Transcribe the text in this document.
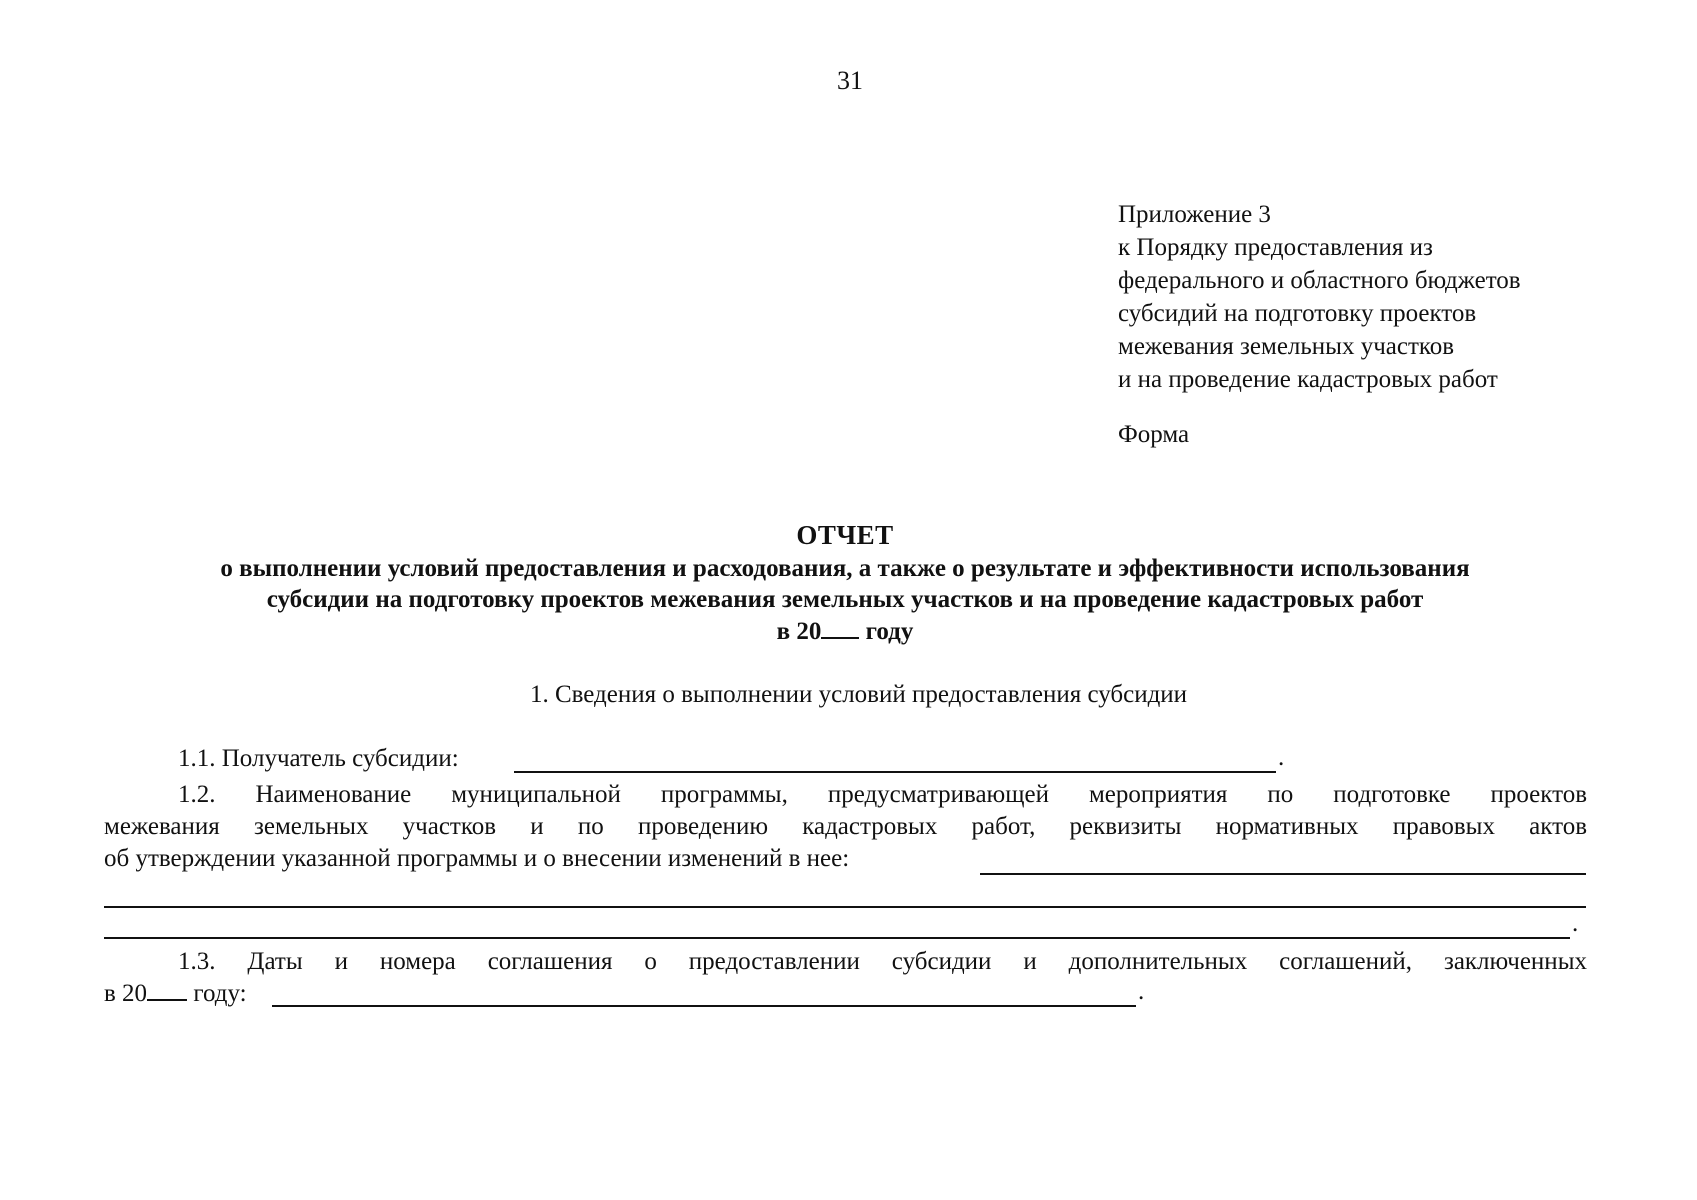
31
Приложение 3
к Порядку предоставления из
федерального и областного бюджетов
субсидий на подготовку проектов
межевания земельных участков
и на проведение кадастровых работ
Форма
ОТЧЕТ
о выполнении условий предоставления и расходования, а также о результате и эффективности использования
субсидии на подготовку проектов межевания земельных участков и на проведение кадастровых работ
в 20 году
1. Сведения о выполнении условий предоставления субсидии
1.1. Получатель субсидии:	.
1.2. Наименование муниципальной программы, предусматривающей мероприятия по подготовке проектов
межевания земельных участков и по проведению кадастровых работ, реквизиты нормативных правовых актов
об утверждении указанной программы и о внесении изменений в нее:
.
1.3. Даты и номера соглашения о предоставлении субсидии и дополнительных соглашений, заключенных
в 20 году:	.
